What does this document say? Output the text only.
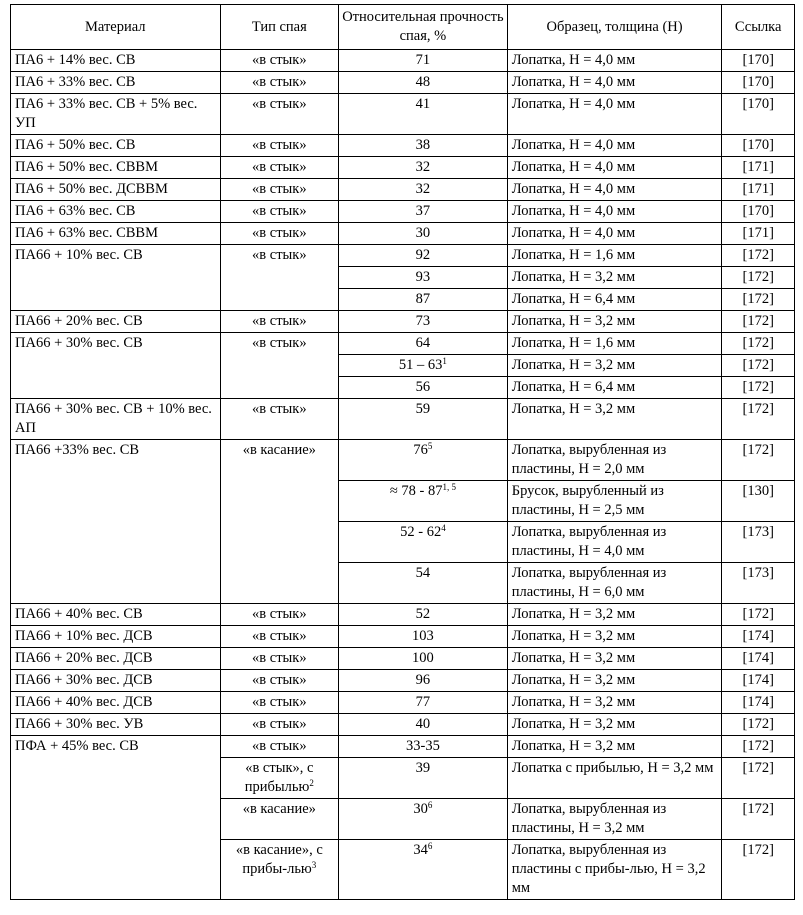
Материал	Тип спая	Относительная прочность спая, %	Образец, толщина (Н)	Ссылка
ПА6 + 14% вес. СВ	«в стык»	71	Лопатка, Н = 4,0 мм	[170]
ПА6 + 33% вес. СВ	«в стык»	48	Лопатка, Н = 4,0 мм	[170]
ПА6 + 33% вес. СВ + 5% вес. УП	«в стык»	41	Лопатка, Н = 4,0 мм	[170]
ПА6 + 50% вес. СВ	«в стык»	38	Лопатка, Н = 4,0 мм	[170]
ПА6 + 50% вес. СВВМ	«в стык»	32	Лопатка, Н = 4,0 мм	[171]
ПА6 + 50% вес. ДСВВМ	«в стык»	32	Лопатка, Н = 4,0 мм	[171]
ПА6 + 63% вес. СВ	«в стык»	37	Лопатка, Н = 4,0 мм	[170]
ПА6 + 63% вес. СВВМ	«в стык»	30	Лопатка, Н = 4,0 мм	[171]
ПА66 + 10% вес. СВ	«в стык»	92	Лопатка, Н = 1,6 мм	[172]
		93	Лопатка, Н = 3,2 мм	[172]
		87	Лопатка, Н = 6,4 мм	[172]
ПА66 + 20% вес. СВ	«в стык»	73	Лопатка, Н = 3,2 мм	[172]
ПА66 + 30% вес. СВ	«в стык»	64	Лопатка, Н = 1,6 мм	[172]
		$51 - 63^1$	Лопатка, Н = 3,2 мм	[172]
		56	Лопатка, Н = 6,4 мм	[172]
ПА66 + 30% вес. СВ + 10% вес. АП	«в стык»	59	Лопатка, Н = 3,2 мм	[172]
ПА66 +33% вес. СВ	«в касание»	$76^5$	Лопатка, вырубленная из пластины, Н = 2,0 мм	[172]
		≈ 78 - 87$^{1, 5}$	Брусок, вырубленный из пластины, Н = 2,5 мм	[130]
		$52 - 62^4$	Лопатка, вырубленная из пластины, Н = 4,0 мм	[173]
		54	Лопатка, вырубленная из пластины, Н = 6,0 мм	[173]
ПА66 + 40% вес. СВ	«в стык»	52	Лопатка, Н = 3,2 мм	[172]
ПА66 + 10% вес. ДСВ	«в стык»	103	Лопатка, Н = 3,2 мм	[174]
ПА66 + 20% вес. ДСВ	«в стык»	100	Лопатка, Н = 3,2 мм	[174]
ПА66 + 30% вес. ДСВ	«в стык»	96	Лопатка, Н = 3,2 мм	[174]
ПА66 + 40% вес. ДСВ	«в стык»	77	Лопатка, Н = 3,2 мм	[174]
ПА66 + 30% вес. УВ	«в стык»	40	Лопатка, Н = 3,2 мм	[172]
ПФА + 45% вес. СВ	«в стык»	33-35	Лопатка, Н = 3,2 мм	[172]
	«в стык», с прибылью$^2$	39	Лопатка с прибылью, Н = 3,2 мм	[172]
	«в касание»	$30^6$	Лопатка, вырубленная из пластины, Н = 3,2 мм	[172]
	«в касание», с прибы-лью$^3$	$34^6$	Лопатка, вырубленная из пластины с прибы-лью, Н = 3,2 мм	[172]
